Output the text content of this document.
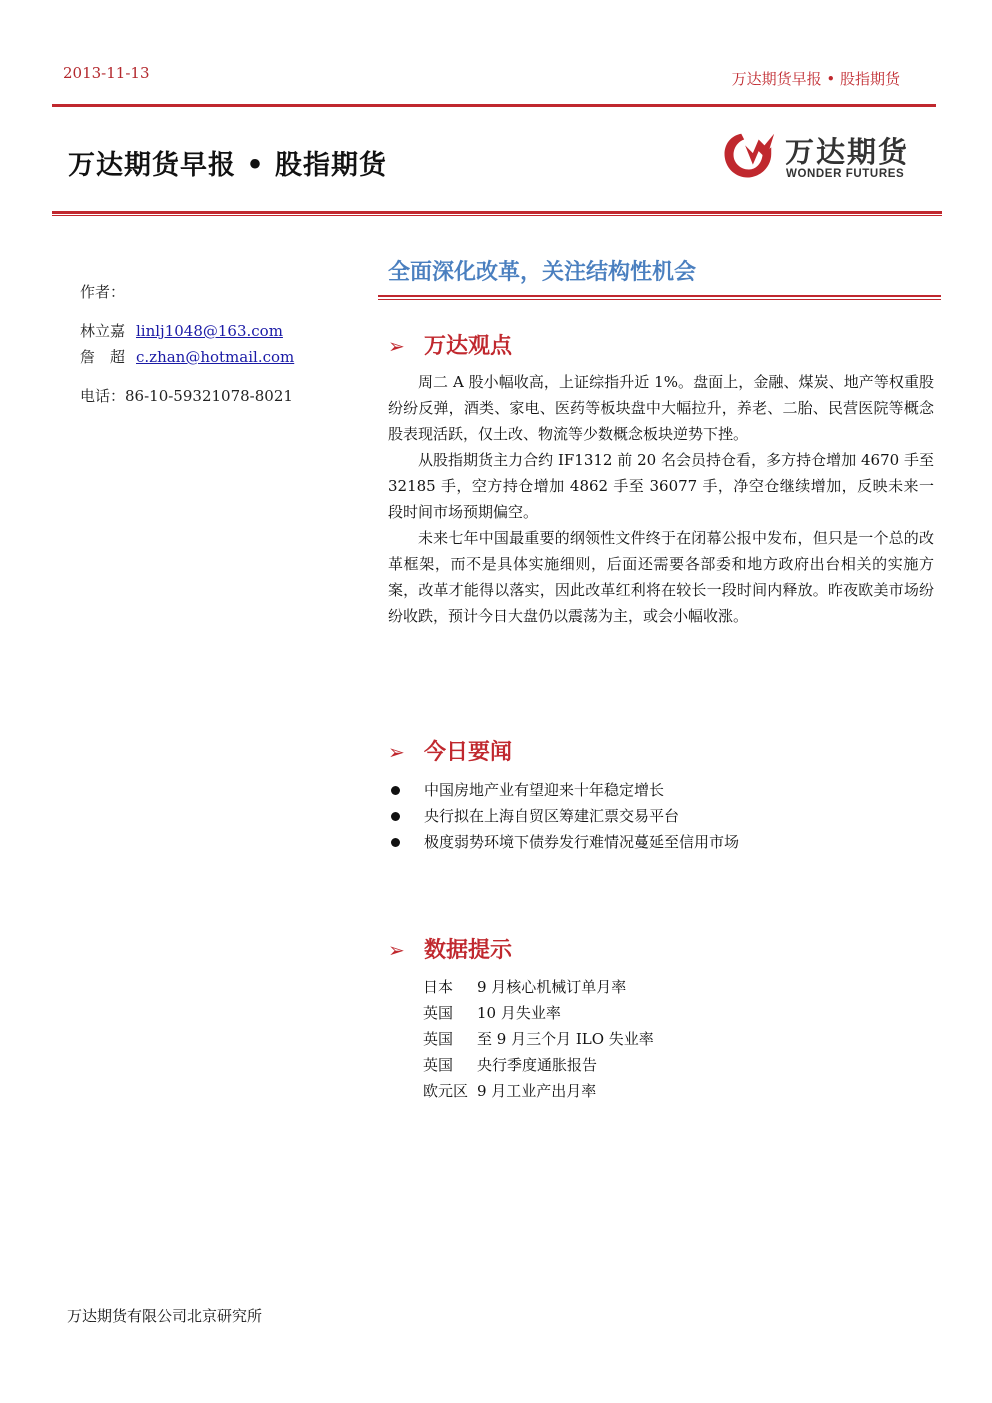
2013-11-13	万达期货早报 • 股指期货
万达期货早报 • 股指期货	万达期货
WONDER FUTURES
作者：
林立嘉 linlj1048@163.com
詹　超 c.zhan@hotmail.com
电话：86-10-59321078-8021
全面深化改革，关注结构性机会
➢ 万达观点

周二 A 股小幅收高，上证综指升近 1%。盘面上，金融、煤炭、地产等权重股纷纷反弹，酒类、家电、医药等板块盘中大幅拉升，养老、二胎、民营医院等概念股表现活跃，仅土改、物流等少数概念板块逆势下挫。

从股指期货主力合约 IF1312 前 20 名会员持仓看，多方持仓增加 4670 手至 32185 手，空方持仓增加 4862 手至 36077 手，净空仓继续增加，反映未来一段时间市场预期偏空。

未来七年中国最重要的纲领性文件终于在闭幕公报中发布，但只是一个总的改革框架，而不是具体实施细则，后面还需要各部委和地方政府出台相关的实施方案，改革才能得以落实，因此改革红利将在较长一段时间内释放。昨夜欧美市场纷纷收跌，预计今日大盘仍以震荡为主，或会小幅收涨。

➢ 今日要闻
中国房地产业有望迎来十年稳定增长
央行拟在上海自贸区筹建汇票交易平台
极度弱势环境下债券发行难情况蔓延至信用市场
➢ 数据提示
日本 9 月核心机械订单月率
英国 10 月失业率
英国 至 9 月三个月 ILO 失业率
英国 央行季度通胀报告
欧元区 9 月工业产出月率
万达期货有限公司北京研究所
